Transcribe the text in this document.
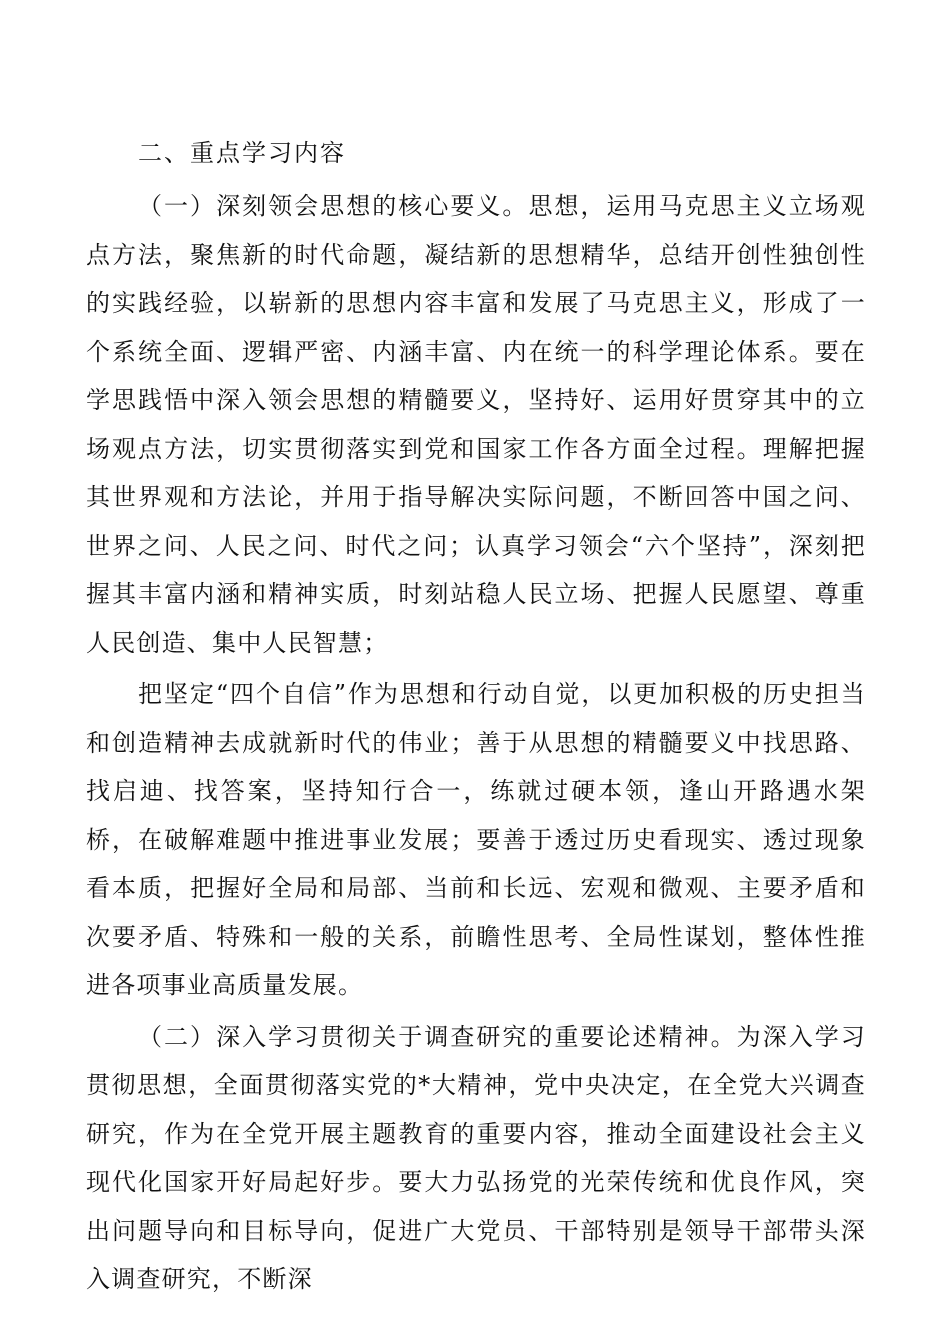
二、重点学习内容

（一）深刻领会思想的核心要义。思想，运用马克思主义立场观点方法，聚焦新的时代命题，凝结新的思想精华，总结开创性独创性的实践经验，以崭新的思想内容丰富和发展了马克思主义，形成了一个系统全面、逻辑严密、内涵丰富、内在统一的科学理论体系。要在学思践悟中深入领会思想的精髓要义，坚持好、运用好贯穿其中的立场观点方法，切实贯彻落实到党和国家工作各方面全过程。理解把握其世界观和方法论，并用于指导解决实际问题，不断回答中国之问、世界之问、人民之问、时代之问；认真学习领会“六个坚持”，深刻把握其丰富内涵和精神实质，时刻站稳人民立场、把握人民愿望、尊重人民创造、集中人民智慧；

把坚定“四个自信”作为思想和行动自觉，以更加积极的历史担当和创造精神去成就新时代的伟业；善于从思想的精髓要义中找思路、找启迪、找答案，坚持知行合一，练就过硬本领，逢山开路遇水架桥，在破解难题中推进事业发展；要善于透过历史看现实、透过现象看本质，把握好全局和局部、当前和长远、宏观和微观、主要矛盾和次要矛盾、特殊和一般的关系，前瞻性思考、全局性谋划，整体性推进各项事业高质量发展。

（二）深入学习贯彻关于调查研究的重要论述精神。为深入学习贯彻思想，全面贯彻落实党的*大精神，党中央决定，在全党大兴调查研究，作为在全党开展主题教育的重要内容，推动全面建设社会主义现代化国家开好局起好步。要大力弘扬党的光荣传统和优良作风，突出问题导向和目标导向，促进广大党员、干部特别是领导干部带头深入调查研究，不断深
